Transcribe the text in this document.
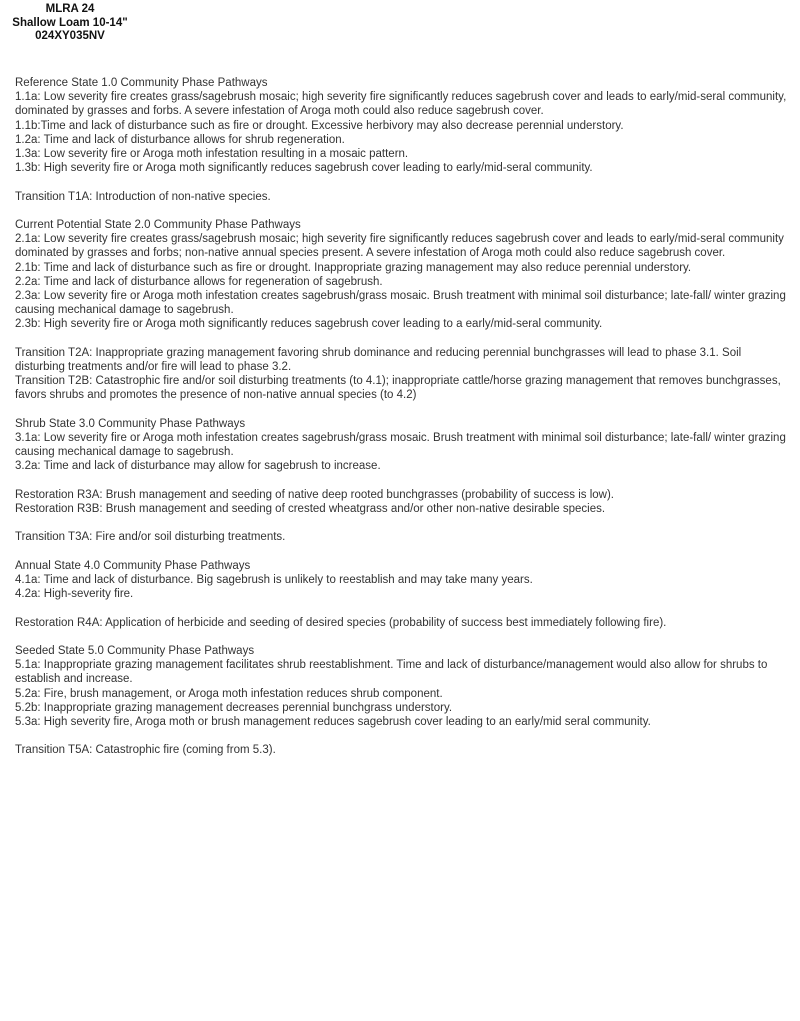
MLRA 24
Shallow Loam 10-14"
024XY035NV
Reference State 1.0 Community Phase Pathways
1.1a: Low severity fire creates grass/sagebrush mosaic; high severity fire significantly reduces sagebrush cover and leads to early/mid-seral community, dominated by grasses and forbs. A severe infestation of Aroga moth could also reduce sagebrush cover.
1.1b:Time and lack of disturbance such as fire or drought. Excessive herbivory may also decrease perennial understory.
1.2a: Time and lack of disturbance allows for shrub regeneration.
1.3a: Low severity fire or Aroga moth infestation resulting in a mosaic pattern.
1.3b: High severity fire or Aroga moth significantly reduces sagebrush cover leading to early/mid-seral community.
Transition T1A: Introduction of non-native species.
Current Potential State 2.0 Community Phase Pathways
2.1a: Low severity fire creates grass/sagebrush mosaic; high severity fire significantly reduces sagebrush cover and leads to early/mid-seral community dominated by grasses and forbs; non-native annual species present. A severe infestation of Aroga moth could also reduce sagebrush cover.
2.1b: Time and lack of disturbance such as fire or drought. Inappropriate grazing management may also reduce perennial understory.
2.2a: Time and lack of disturbance allows for regeneration of sagebrush.
2.3a: Low severity fire or Aroga moth infestation creates sagebrush/grass mosaic. Brush treatment with minimal soil disturbance; late-fall/ winter grazing causing mechanical damage to sagebrush.
2.3b: High severity fire or Aroga moth significantly reduces sagebrush cover leading to a early/mid-seral community.
Transition T2A: Inappropriate grazing management favoring shrub dominance and reducing perennial bunchgrasses will lead to phase 3.1. Soil disturbing treatments and/or fire will lead to phase 3.2.
Transition T2B: Catastrophic fire and/or soil disturbing treatments (to 4.1); inappropriate cattle/horse grazing management that removes bunchgrasses, favors shrubs and promotes the presence of non-native annual species (to 4.2)
Shrub State 3.0 Community Phase Pathways
3.1a: Low severity fire or Aroga moth infestation creates sagebrush/grass mosaic. Brush treatment with minimal soil disturbance; late-fall/ winter grazing causing mechanical damage to sagebrush.
3.2a: Time and lack of disturbance may allow for sagebrush to increase.
Restoration R3A: Brush management and seeding of native deep rooted bunchgrasses (probability of success is low).
Restoration R3B: Brush management and seeding of crested wheatgrass and/or other non-native desirable species.
Transition T3A: Fire and/or soil disturbing treatments.
Annual State 4.0 Community Phase Pathways
4.1a: Time and lack of disturbance. Big sagebrush is unlikely to reestablish and may take many years.
4.2a: High-severity fire.
Restoration R4A: Application of herbicide and seeding of desired species (probability of success best immediately following fire).
Seeded State 5.0 Community Phase Pathways
5.1a: Inappropriate grazing management facilitates shrub reestablishment. Time and lack of disturbance/management would also allow for shrubs to establish and increase.
5.2a: Fire, brush management, or Aroga moth infestation reduces shrub component.
5.2b: Inappropriate grazing management decreases perennial bunchgrass understory.
5.3a: High severity fire, Aroga moth or brush management reduces sagebrush cover leading to an early/mid seral community.
Transition T5A: Catastrophic fire (coming from 5.3).
